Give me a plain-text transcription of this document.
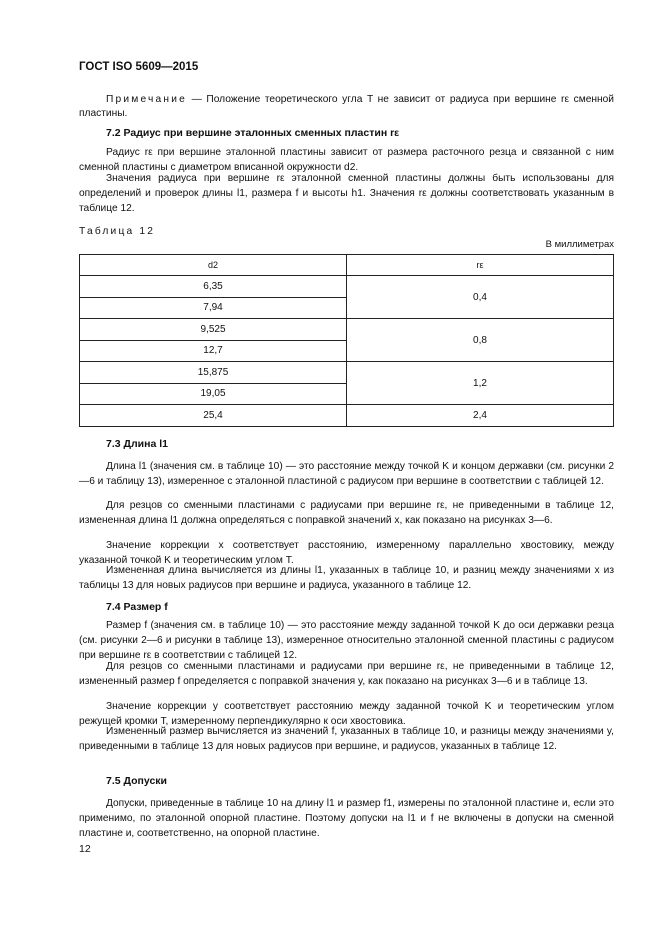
ГОСТ ISO 5609—2015

Примечание — Положение теоретического угла T не зависит от радиуса при вершине rε сменной пластины.

7.2 Радиус при вершине эталонных сменных пластин rε

Радиус rε при вершине эталонной пластины зависит от размера расточного резца и связанной с ним сменной пластины с диаметром вписанной окружности d2.

Значения радиуса при вершине rε эталонной сменной пластины должны быть использованы для определений и проверок длины l1, размера f и высоты h1. Значения rε должны соответствовать указанным в таблице 12.

Таблица 12
В миллиметрах
d2	rε
6,35	0,4
7,94	
9,525	0,8
12,7	
15,875	1,2
19,05	
25,4	2,4

7.3 Длина l1

Длина l1 (значения см. в таблице 10) — это расстояние между точкой K и концом державки (см. рисунки 2—6 и таблицу 13), измеренное с эталонной пластиной с радиусом при вершине в соответствии с таблицей 12.

Для резцов со сменными пластинами с радиусами при вершине rε, не приведенными в таблице 12, измененная длина l1 должна определяться с поправкой значений x, как показано на рисунках 3—6.

Значение коррекции x соответствует расстоянию, измеренному параллельно хвостовику, между указанной точкой K и теоретическим углом T.

Измененная длина вычисляется из длины l1, указанных в таблице 10, и разниц между значениями x из таблицы 13 для новых радиусов при вершине и радиуса, указанного в таблице 12.

7.4 Размер f

Размер f (значения см. в таблице 10) — это расстояние между заданной точкой K до оси державки резца (см. рисунки 2—6 и рисунки в таблице 13), измеренное относительно эталонной сменной пластины с радиусом при вершине rε в соответствии с таблицей 12.

Для резцов со сменными пластинами и радиусами при вершине rε, не приведенными в таблице 12, измененный размер f определяется с поправкой значения y, как показано на рисунках 3—6 и в таблице 13.

Значение коррекции y соответствует расстоянию между заданной точкой K и теоретическим углом режущей кромки T, измеренному перпендикулярно к оси хвостовика.

Измененный размер вычисляется из значений f, указанных в таблице 10, и разницы между значениями y, приведенными в таблице 13 для новых радиусов при вершине, и радиусов, указанных в таблице 12.

7.5 Допуски

Допуски, приведенные в таблице 10 на длину l1 и размер f1, измерены по эталонной пластине и, если это применимо, по эталонной опорной пластине. Поэтому допуски на l1 и f не включены в допуски на сменной пластине и, соответственно, на опорной пластине.

12
